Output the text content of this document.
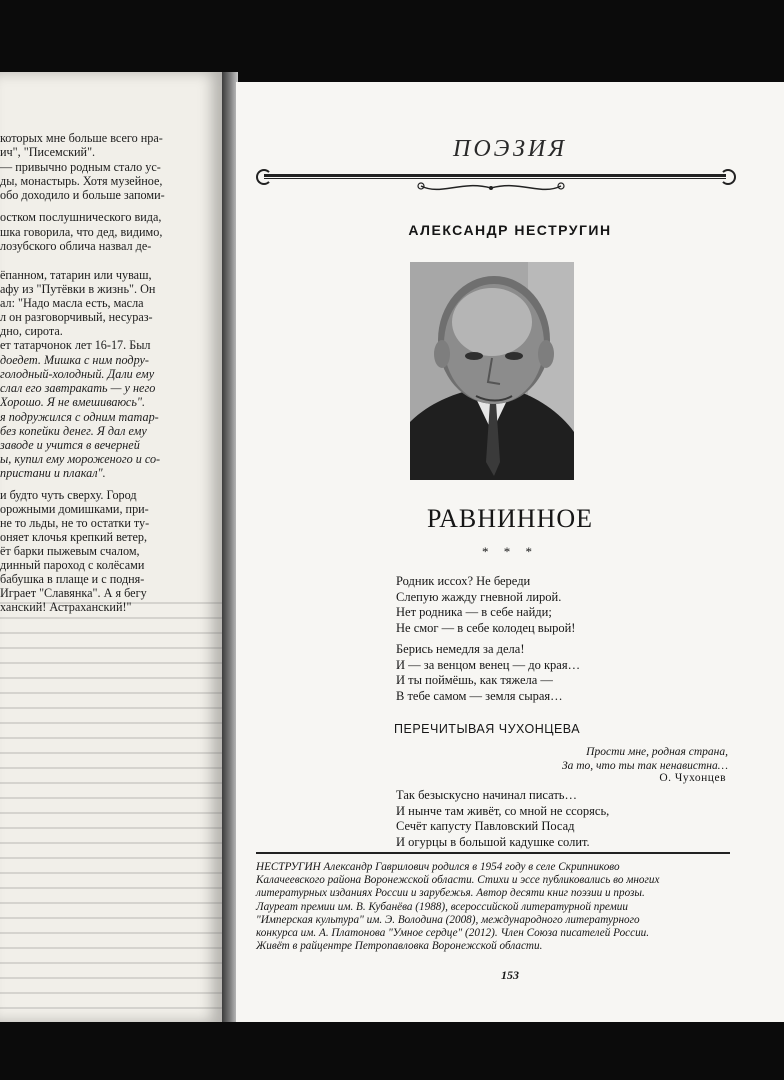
которых мне больше всего нра-
ич", "Писемский".
— привычно родным стало ус-
ды, монастырь. Хотя музейное,
обо доходило и больше запоми-
остком послушнического вида,
шка говорила, что дед, видимо,
лозубского облича назвал де-
ёпанном, татарин или чуваш,
афу из "Путёвки в жизнь". Он
ал: "Надо масла есть, масла
л он разговорчивый, несураз-
дно, сирота.
ет татарчонок лет 16-17. Был
доедет. Мишка с ним подру-
голодный-холодный. Дали ему
слал его завтракать — у него
Хорошо. Я не вмешиваюсь".
я подружился с одним татар-
без копейки денег. Я дал ему
заводе и учится в вечерней
ы, купил ему мороженого и со-
пристани и плакал".
и будто чуть сверху. Город
орожными домишками, при-
не то льды, не то остатки ту-
оняет клочья крепкий ветер,
ёт барки пыжевым счалом,
динный пароход с колёсами
бабушка в плаще и с подня-
Играет "Славянка". А я бегу
ханский! Астраханский!"
ПОЭЗИЯ
АЛЕКСАНДР НЕСТРУГИН
РАВНИННОЕ
* * *
Родник иссох? Не береди
Слепую жажду гневной лирой.
Нет родника — в себе найди;
Не смог — в себе колодец вырой!
Берись немедля за дела!
И — за венцом венец — до края…
И ты поймёшь, как тяжела —
В тебе самом — земля сырая…
ПЕРЕЧИТЫВАЯ ЧУХОНЦЕВА
Прости мне, родная страна,
За то, что ты так ненавистна…
О. Чухонцев
Так безыскусно начинал писать…
И нынче там живёт, со мной не ссорясь,
Сечёт капусту Павловский Посад
И огурцы в большой кадушке солит.
НЕСТРУГИН Александр Гаврилович родился в 1954 году в селе Скрипниково
Калачеевского района Воронежской области. Стихи и эссе публиковались во многих
литературных изданиях России и зарубежья. Автор десяти книг поэзии и прозы.
Лауреат премии им. В. Кубанёва (1988), всероссийской литературной премии
"Имперская культура" им. Э. Володина (2008), международного литературного
конкурса им. А. Платонова "Умное сердце" (2012). Член Союза писателей России.
Живёт в райцентре Петропавловка Воронежской области.
153
